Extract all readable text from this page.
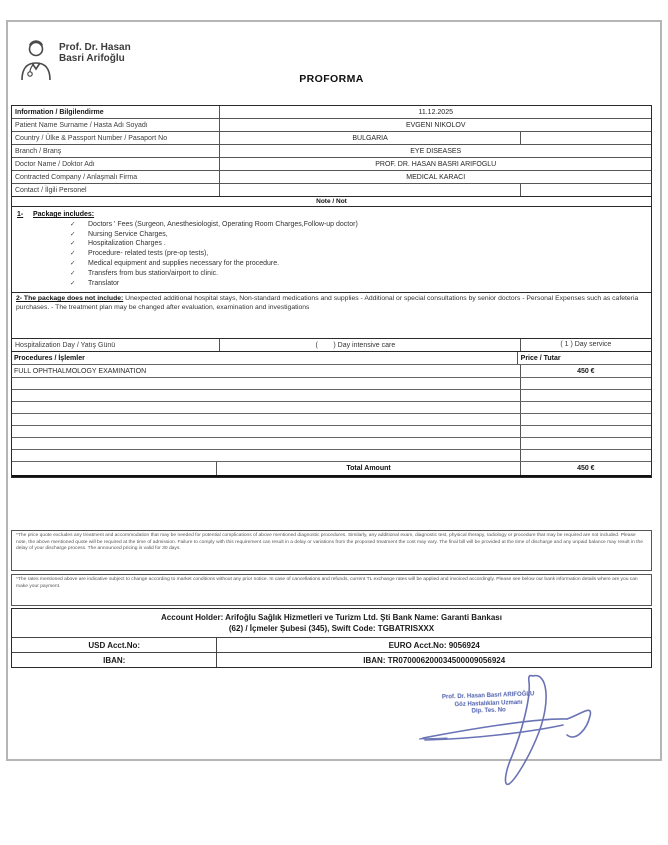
Prof. Dr. Hasan
Basri Arifoğlu
PROFORMA
Information / Bilgilendirme	11.12.2025
Patient Name Surname / Hasta Adı Soyadı	EVGENI NIKOLOV
Country / Ülke & Passport Number / Pasaport No	BULGARIA
Branch / Branş	EYE DISEASES
Doctor Name / Doktor Adı	PROF. DR. HASAN BASRI ARIFOGLU
Contracted Company / Anlaşmalı Firma	MEDICAL KARACI
Contact / İlgili Personel
Note / Not
1-	Package includes:
✓	Doctors ' Fees (Surgeon, Anesthesiologist, Operating Room Charges,Follow-up doctor)
✓	Nursing Service Charges,
✓	Hospitalization Charges .
✓	Procedure- related tests (pre-op tests),
✓	Medical equipment and supplies necessary for the procedure.
✓	Transfers from bus station/airport to clinic.
✓	Translator
2- The package does not include: Unexpected additional hospital stays, Non-standard medications and supplies - Additional or special consultations by senior doctors - Personal Expenses such as cafeteria purchases. - The treatment plan may be changed after evaluation, examination and investigations
Hospitalization Day / Yatış Günü	(        ) Day intensive care	( 1 ) Day service
Procedures / İşlemler	Price / Tutar
FULL OPHTHALMOLOGY EXAMINATION	450 €
Total Amount	450 €
*The price quote excludes any treatment and accommodation that may be needed for potential complications of above mentioned diagnostic procedures. Similarly, any additional exam, diagnostic test, physical therapy, radiology or procedure that may be required are not included. Please note, the above mentioned quote will be required at the time of admission. Failure to comply with this requirement can result in a delay or variations from the proposed treatment the cost may vary. The final bill will be provided at the time of discharge and any unpaid balance may result in the delay of your discharge process. The announced pricing is valid for 30 days.
*The rates mentioned above are indicative subject to change according to market conditions without any prior notice. In case of cancellations and refunds, current TL exchange rates will be applied and invoiced accordingly. Please see below our bank information details where are you can make your payment.
Account Holder: Arifoğlu Sağlık Hizmetleri ve Turizm Ltd. Şti Bank Name: Garanti Bankası
(62) / İçmeler Şubesi (345), Swift Code: TGBATRISXXX
USD Acct.No:	EURO Acct.No: 9056924
IBAN:	IBAN: TR070006200034500009056924
Prof. Dr. Hasan Basri ARIFOĞLU
Göz Hastalıkları Uzmanı
Dip. Tes. No
